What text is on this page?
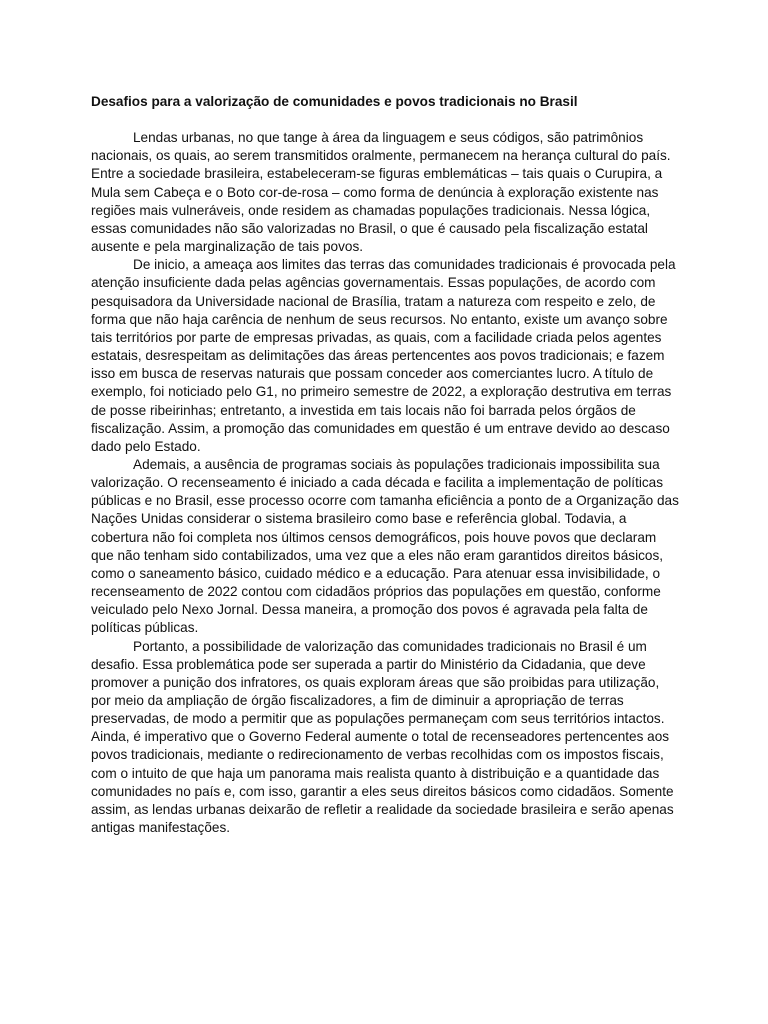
Desafios para a valorização de comunidades e povos tradicionais no Brasil

Lendas urbanas, no que tange à área da linguagem e seus códigos, são patrimônios nacionais, os quais, ao serem transmitidos oralmente, permanecem na herança cultural do país. Entre a sociedade brasileira, estabeleceram-se figuras emblemáticas – tais quais o Curupira, a Mula sem Cabeça e o Boto cor-de-rosa – como forma de denúncia à exploração existente nas regiões mais vulneráveis, onde residem as chamadas populações tradicionais. Nessa lógica, essas comunidades não são valorizadas no Brasil, o que é causado pela fiscalização estatal ausente e pela marginalização de tais povos.

De inicio, a ameaça aos limites das terras das comunidades tradicionais é provocada pela atenção insuficiente dada pelas agências governamentais. Essas populações, de acordo com pesquisadora da Universidade nacional de Brasília, tratam a natureza com respeito e zelo, de forma que não haja carência de nenhum de seus recursos. No entanto, existe um avanço sobre tais territórios por parte de empresas privadas, as quais, com a facilidade criada pelos agentes estatais, desrespeitam as delimitações das áreas pertencentes aos povos tradicionais; e fazem isso em busca de reservas naturais que possam conceder aos comerciantes lucro. A título de exemplo, foi noticiado pelo G1, no primeiro semestre de 2022, a exploração destrutiva em terras de posse ribeirinhas; entretanto, a investida em tais locais não foi barrada pelos órgãos de fiscalização. Assim, a promoção das comunidades em questão é um entrave devido ao descaso dado pelo Estado.

Ademais, a ausência de programas sociais às populações tradicionais impossibilita sua valorização. O recenseamento é iniciado a cada década e facilita a implementação de políticas públicas e no Brasil, esse processo ocorre com tamanha eficiência a ponto de a Organização das Nações Unidas considerar o sistema brasileiro como base e referência global. Todavia, a cobertura não foi completa nos últimos censos demográficos, pois houve povos que declaram que não tenham sido contabilizados, uma vez que a eles não eram garantidos direitos básicos, como o saneamento básico, cuidado médico e a educação. Para atenuar essa invisibilidade, o recenseamento de 2022 contou com cidadãos próprios das populações em questão, conforme veiculado pelo Nexo Jornal. Dessa maneira, a promoção dos povos é agravada pela falta de políticas públicas.

Portanto, a possibilidade de valorização das comunidades tradicionais no Brasil é um desafio. Essa problemática pode ser superada a partir do Ministério da Cidadania, que deve promover a punição dos infratores, os quais exploram áreas que são proibidas para utilização, por meio da ampliação de órgão fiscalizadores, a fim de diminuir a apropriação de terras preservadas, de modo a permitir que as populações permaneçam com seus territórios intactos. Ainda, é imperativo que o Governo Federal aumente o total de recenseadores pertencentes aos povos tradicionais, mediante o redirecionamento de verbas recolhidas com os impostos fiscais, com o intuito de que haja um panorama mais realista quanto à distribuição e a quantidade das comunidades no país e, com isso, garantir a eles seus direitos básicos como cidadãos. Somente assim, as lendas urbanas deixarão de refletir a realidade da sociedade brasileira e serão apenas antigas manifestações.
